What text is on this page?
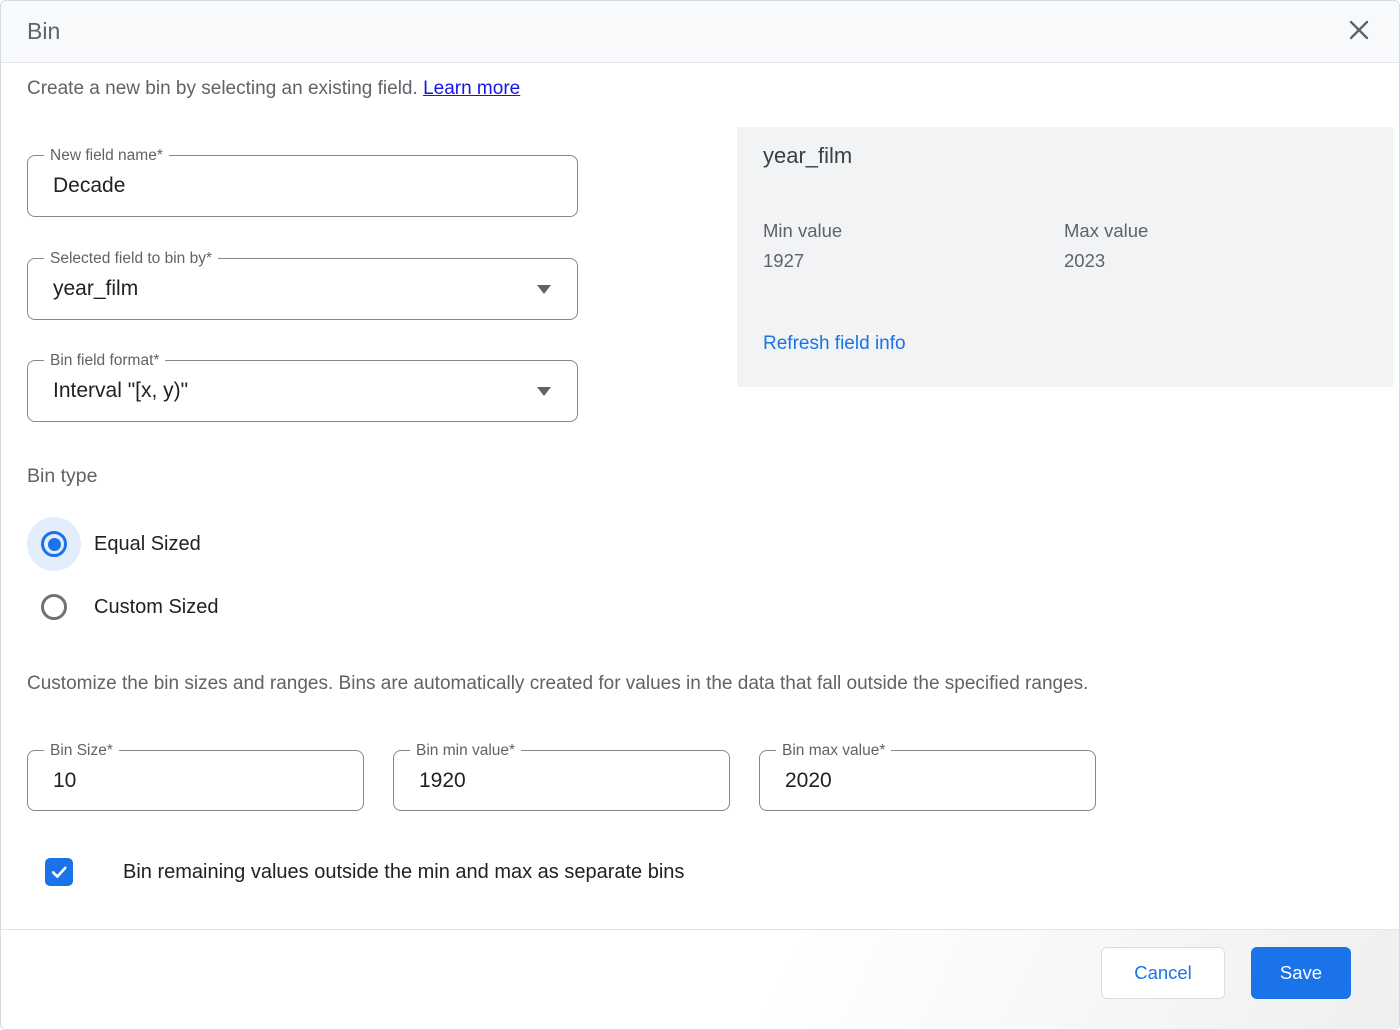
Bin
Create a new bin by selecting an existing field. Learn more
New field name*
Decade
Selected field to bin by*
year_film
Bin field format*
Interval "[x, y)"
year_film
Min value
1927
Max value
2023
Refresh field info
Bin type
Equal Sized
Custom Sized
Customize the bin sizes and ranges. Bins are automatically created for values in the data that fall outside the specified ranges.
Bin Size*
10	Bin min value*
1920	Bin max value*
2020
Bin remaining values outside the min and max as separate bins
Cancel	Save
